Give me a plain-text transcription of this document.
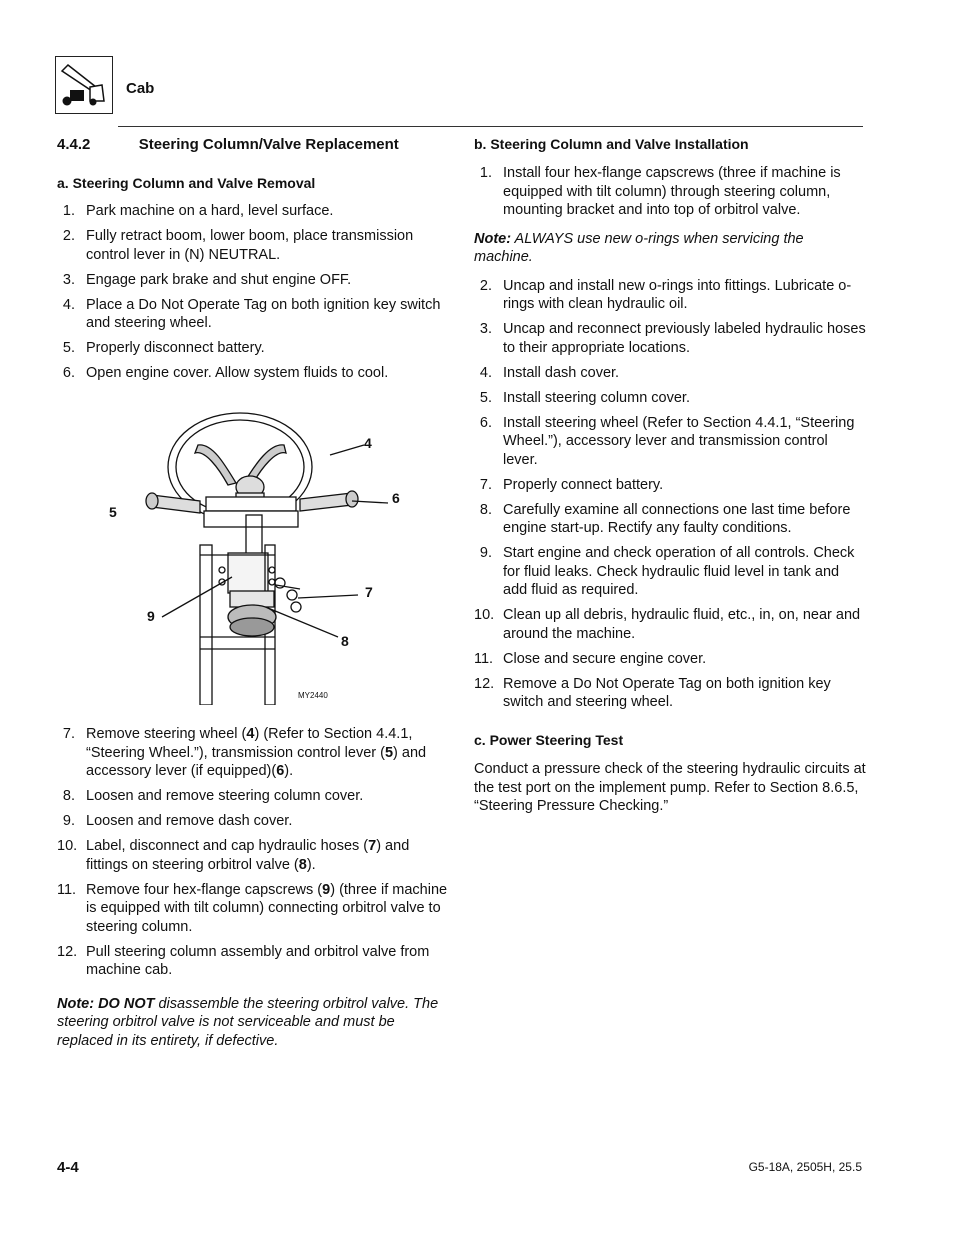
Cab
4.4.2	Steering Column/Valve Replacement
a. Steering Column and Valve Removal
1. Park machine on a hard, level surface.
2. Fully retract boom, lower boom, place transmission control lever in (N) NEUTRAL.
3. Engage park brake and shut engine OFF.
4. Place a Do Not Operate Tag on both ignition key switch and steering wheel.
5. Properly disconnect battery.
6. Open engine cover. Allow system fluids to cool.
4
5
6
7
8
9
MY2440
7. Remove steering wheel (4) (Refer to Section 4.4.1, “Steering Wheel.”), transmission control lever (5) and accessory lever (if equipped)(6).
8. Loosen and remove steering column cover.
9. Loosen and remove dash cover.
10. Label, disconnect and cap hydraulic hoses (7) and fittings on steering orbitrol valve (8).
11. Remove four hex-flange capscrews (9) (three if machine is equipped with tilt column) connecting orbitrol valve to steering column.
12. Pull steering column assembly and orbitrol valve from machine cab.
Note: DO NOT disassemble the steering orbitrol valve. The steering orbitrol valve is not serviceable and must be replaced in its entirety, if defective.
b. Steering Column and Valve Installation
1. Install four hex-flange capscrews (three if machine is equipped with tilt column) through steering column, mounting bracket and into top of orbitrol valve.
Note: ALWAYS use new o-rings when servicing the machine.
2. Uncap and install new o-rings into fittings. Lubricate o-rings with clean hydraulic oil.
3. Uncap and reconnect previously labeled hydraulic hoses to their appropriate locations.
4. Install dash cover.
5. Install steering column cover.
6. Install steering wheel (Refer to Section 4.4.1, “Steering Wheel.”), accessory lever and transmission control lever.
7. Properly connect battery.
8. Carefully examine all connections one last time before engine start-up. Rectify any faulty conditions.
9. Start engine and check operation of all controls. Check for fluid leaks. Check hydraulic fluid level in tank and add fluid as required.
10. Clean up all debris, hydraulic fluid, etc., in, on, near and around the machine.
11. Close and secure engine cover.
12. Remove a Do Not Operate Tag on both ignition key switch and steering wheel.
c. Power Steering Test
Conduct a pressure check of the steering hydraulic circuits at the test port on the implement pump. Refer to Section 8.6.5, “Steering Pressure Checking.”
4-4	G5-18A, 2505H, 25.5
